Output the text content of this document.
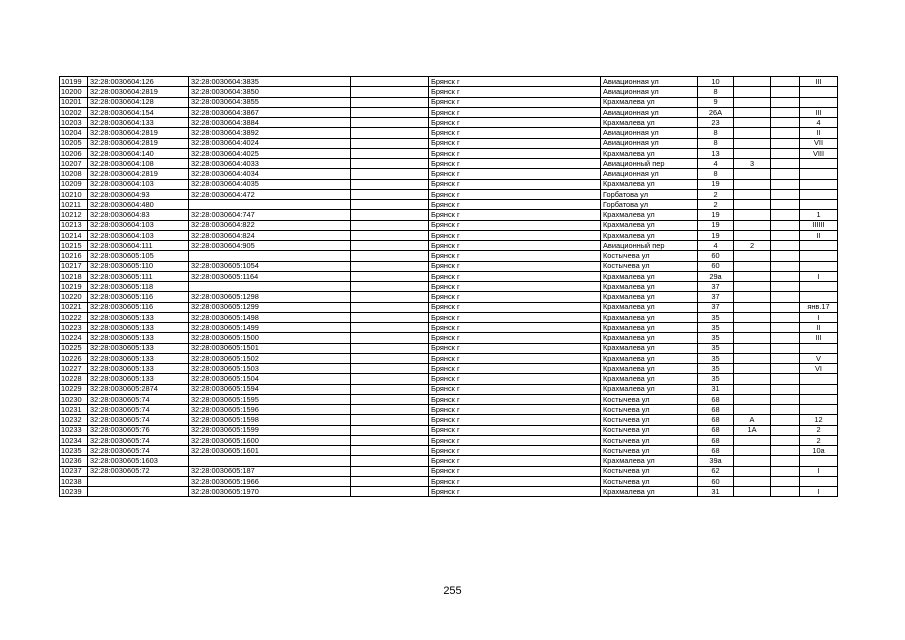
10199	32:28:0030604:126	32:28:0030604:3835		Брянск г	Авиационная ул	10			III
10200	32:28:0030604:2819	32:28:0030604:3850		Брянск г	Авиационная ул	8			
10201	32:28:0030604:128	32:28:0030604:3855		Брянск г	Крахмалева ул	9			
10202	32:28:0030604:154	32:28:0030604:3867		Брянск г	Авиационная ул	26А			III
10203	32:28:0030604:133	32:28:0030604:3884		Брянск г	Крахмалева ул	23			4
10204	32:28:0030604:2819	32:28:0030604:3892		Брянск г	Авиационная ул	8			II
10205	32:28:0030604:2819	32:28:0030604:4024		Брянск г	Авиационная ул	8			VII
10206	32:28:0030604:140	32:28:0030604:4025		Брянск г	Крахмалева ул	13			VIII
10207	32:28:0030604:108	32:28:0030604:4033		Брянск г	Авиационный пер	4	3		
10208	32:28:0030604:2819	32:28:0030604:4034		Брянск г	Авиационная ул	8			
10209	32:28:0030604:103	32:28:0030604:4035		Брянск г	Крахмалева ул	19			
10210	32:28:0030604:93	32:28:0030604:472		Брянск г	Горбатова ул	2			
10211	32:28:0030604:480			Брянск г	Горбатова ул	2			
10212	32:28:0030604:83	32:28:0030604:747		Брянск г	Крахмалева ул	19			1
10213	32:28:0030604:103	32:28:0030604:822		Брянск г	Крахмалева ул	19			IIIIII
10214	32:28:0030604:103	32:28:0030604:824		Брянск г	Крахмалева ул	19			II
10215	32:28:0030604:111	32:28:0030604:905		Брянск г	Авиационный пер	4	2		
10216	32:28:0030605:105			Брянск г	Костычева ул	60			
10217	32:28:0030605:110	32:28:0030605:1054		Брянск г	Костычева ул	60			
10218	32:28:0030605:111	32:28:0030605:1164		Брянск г	Крахмалева ул	29а			I
10219	32:28:0030605:118			Брянск г	Крахмалева ул	37			
10220	32:28:0030605:116	32:28:0030605:1298		Брянск г	Крахмалева ул	37			
10221	32:28:0030605:116	32:28:0030605:1299		Брянск г	Крахмалева ул	37			янв.17
10222	32:28:0030605:133	32:28:0030605:1498		Брянск г	Крахмалева ул	35			I
10223	32:28:0030605:133	32:28:0030605:1499		Брянск г	Крахмалева ул	35			II
10224	32:28:0030605:133	32:28:0030605:1500		Брянск г	Крахмалева ул	35			III
10225	32:28:0030605:133	32:28:0030605:1501		Брянск г	Крахмалева ул	35			
10226	32:28:0030605:133	32:28:0030605:1502		Брянск г	Крахмалева ул	35			V
10227	32:28:0030605:133	32:28:0030605:1503		Брянск г	Крахмалева ул	35			VI
10228	32:28:0030605:133	32:28:0030605:1504		Брянск г	Крахмалева ул	35			
10229	32:28:0030605:2874	32:28:0030605:1594		Брянск г	Крахмалева ул	31			
10230	32:28:0030605:74	32:28:0030605:1595		Брянск г	Костычева ул	68			
10231	32:28:0030605:74	32:28:0030605:1596		Брянск г	Костычева ул	68			
10232	32:28:0030605:74	32:28:0030605:1598		Брянск г	Костычева ул	68	А		12
10233	32:28:0030605:76	32:28:0030605:1599		Брянск г	Костычева ул	68	1А		2
10234	32:28:0030605:74	32:28:0030605:1600		Брянск г	Костычева ул	68			2
10235	32:28:0030605:74	32:28:0030605:1601		Брянск г	Костычева ул	68			10а
10236	32:28:0030605:1603			Брянск г	Крахмалева ул	39а			
10237	32:28:0030605:72	32:28:0030605:187		Брянск г	Костычева ул	62			I
10238		32:28:0030605:1966		Брянск г	Костычева ул	60			
10239		32:28:0030605:1970		Брянск г	Крахмалева ул	31			I
255
